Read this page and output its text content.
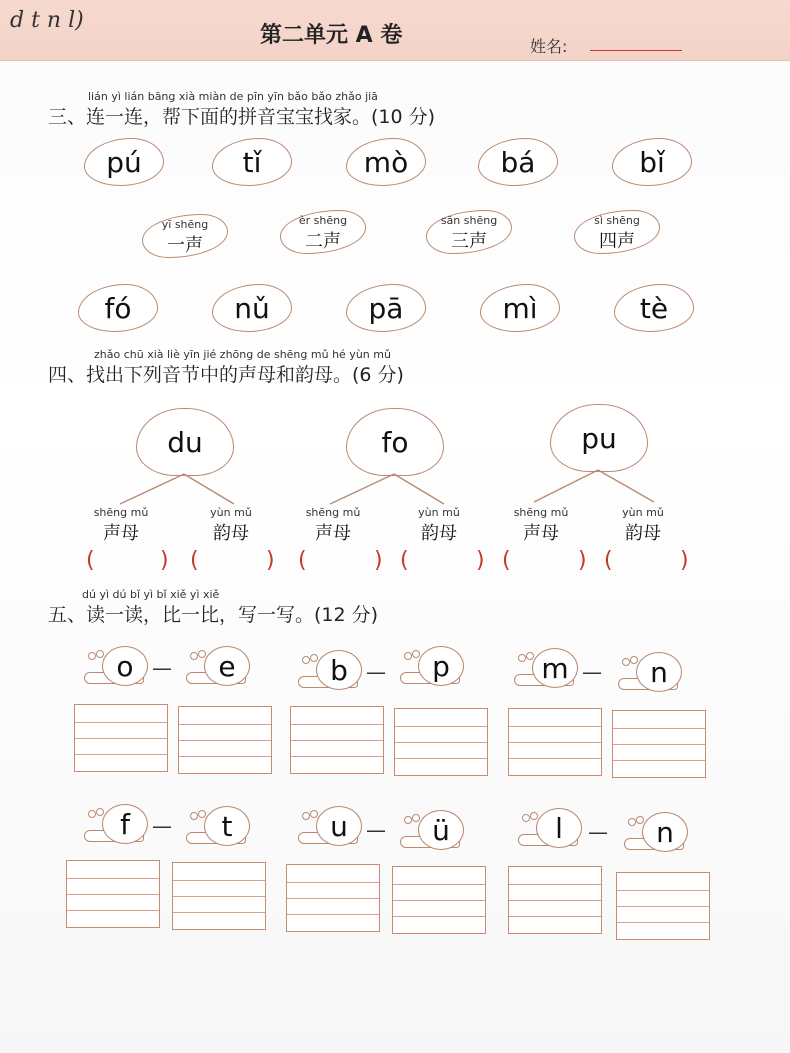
d t n l)
第二单元 A 卷	姓名:
lián yì lián bāng xià miàn de pīn yīn bǎo bǎo zhǎo jiā
三、连一连，帮下面的拼音宝宝找家。(10 分)
pú	tǐ	mò	bá	bǐ
yī shēng
一声
èr shēng
二声
sān shēng
三声
sì shēng
四声
fó	nǔ	pā	mì	tè
zhǎo chū xià liè yīn jié zhōng de shēng mǔ hé yùn mǔ
四、找出下列音节中的声母和韵母。(6 分)
du	fo	pu
shēng mǔ
声母
yùn mǔ
韵母
shēng mǔ
声母
yùn mǔ
韵母
shēng mǔ
声母
yùn mǔ
韵母
(	) (	) (	) (	) (	) (	)
dú yì dú bǐ yì bǐ xiě yì xiě
五、读一读，比一比，写一写。(12 分)
o —	e	b —	p	m —	n
f	—	t	u —	ü	l	—	n
